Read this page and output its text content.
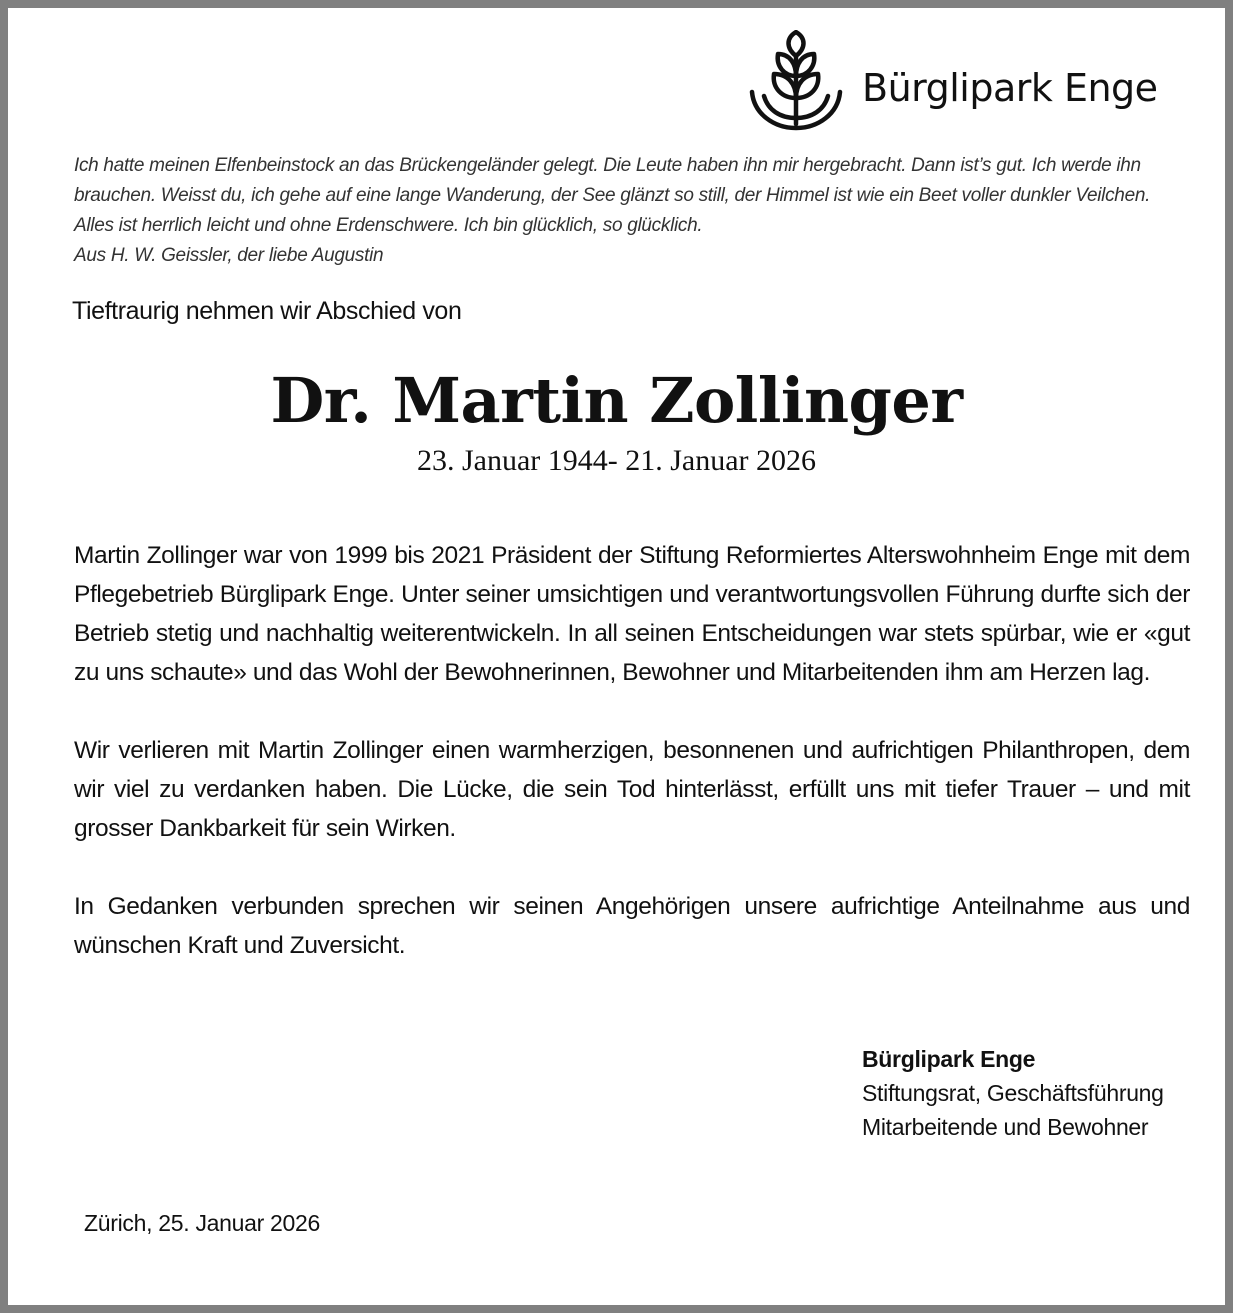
Bürglipark Enge
Ich hatte meinen Elfenbeinstock an das Brückengeländer gelegt. Die Leute haben ihn mir hergebracht. Dann ist’s gut. Ich werde ihn
brauchen. Weisst du, ich gehe auf eine lange Wanderung, der See glänzt so still, der Himmel ist wie ein Beet voller dunkler Veilchen.
Alles ist herrlich leicht und ohne Erdenschwere. Ich bin glücklich, so glücklich.
Aus H. W. Geissler, der liebe Augustin
Tieftraurig nehmen wir Abschied von
Dr. Martin Zollinger
23. Januar 1944- 21. Januar 2026

Martin Zollinger war von 1999 bis 2021 Präsident der Stiftung Reformiertes Alterswohnheim Enge mit dem Pflegebetrieb Bürglipark Enge. Unter seiner umsichtigen und verantwortungsvollen Führung durfte sich der Betrieb stetig und nachhaltig weiterentwickeln. In all seinen Entscheidungen war stets spürbar, wie er «gut zu uns schaute» und das Wohl der Bewohnerinnen, Bewohner und Mitarbeitenden ihm am Herzen lag.

Wir verlieren mit Martin Zollinger einen warmherzigen, besonnenen und aufrichtigen Philanthropen, dem wir viel zu verdanken haben. Die Lücke, die sein Tod hinterlässt, erfüllt uns mit tiefer Trauer – und mit grosser Dankbarkeit für sein Wirken.

In Gedanken verbunden sprechen wir seinen Angehörigen unsere aufrichtige Anteilnahme aus und wünschen Kraft und Zuversicht.

Bürglipark Enge
Stiftungsrat, Geschäftsführung
Mitarbeitende und Bewohner
Zürich, 25. Januar 2026
